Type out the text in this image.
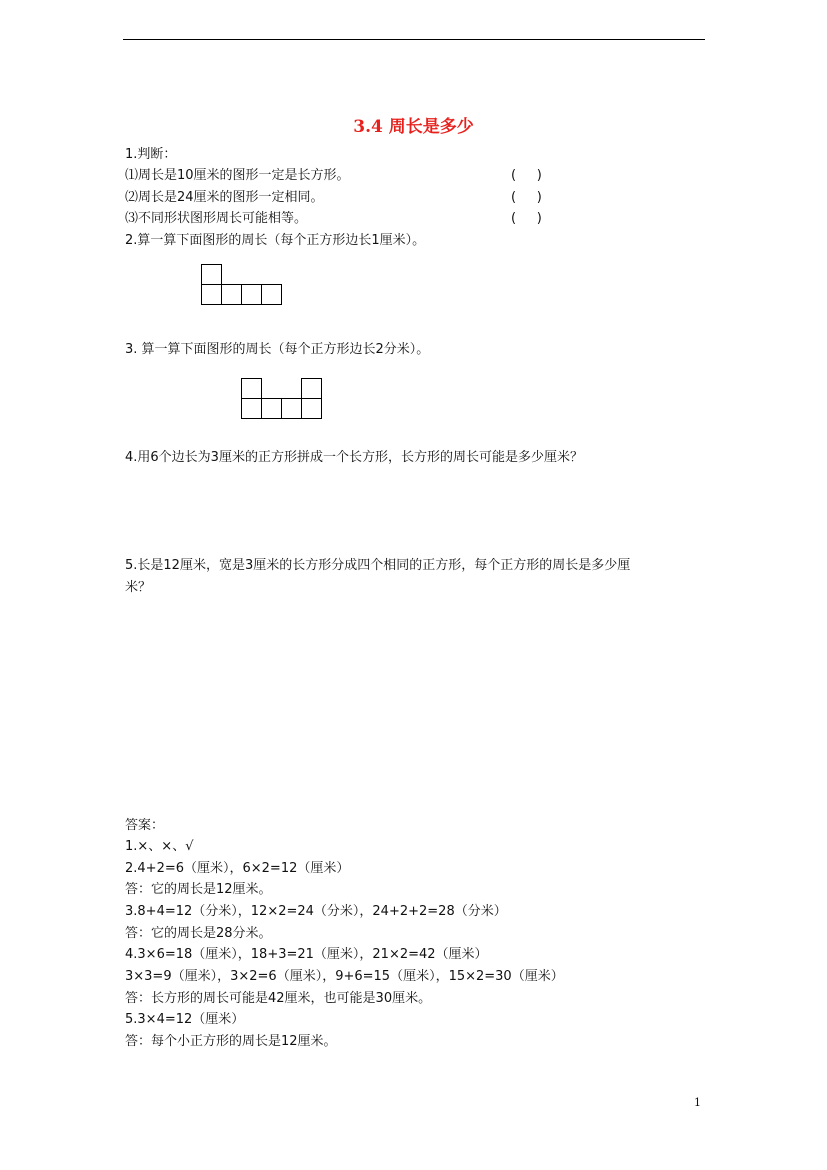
3.4 周长是多少
1.判断：
⑴周长是10厘米的图形一定是长方形。	(     )
⑵周长是24厘米的图形一定相同。	(     )
⑶不同形状图形周长可能相等。	(     )
2.算一算下面图形的周长（每个正方形边长1厘米）。
3. 算一算下面图形的周长（每个正方形边长2分米）。
4.用6个边长为3厘米的正方形拼成一个长方形，长方形的周长可能是多少厘米？
5.长是12厘米，宽是3厘米的长方形分成四个相同的正方形，每个正方形的周长是多少厘
米？
答案：
1.×、×、√
2.4+2=6（厘米），6×2=12（厘米）
答：它的周长是12厘米。
3.8+4=12（分米），12×2=24（分米），24+2+2=28（分米）
答：它的周长是28分米。
4.3×6=18（厘米），18+3=21（厘米），21×2=42（厘米）
3×3=9（厘米），3×2=6（厘米），9+6=15（厘米），15×2=30（厘米）
答：长方形的周长可能是42厘米，也可能是30厘米。
5.3×4=12（厘米）
答：每个小正方形的周长是12厘米。
1
